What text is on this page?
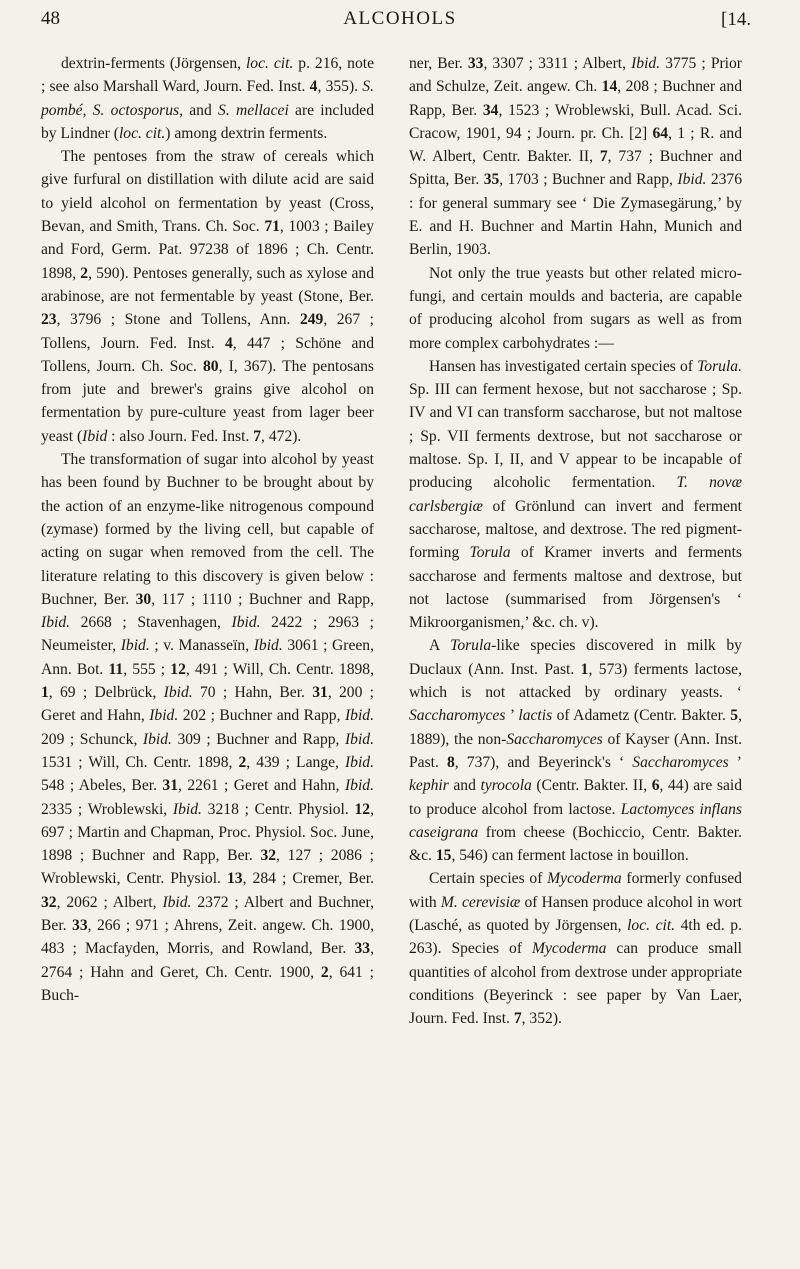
48	ALCOHOLS	[14.

dextrin-ferments (Jörgensen, loc. cit. p. 216, note ; see also Marshall Ward, Journ. Fed. Inst. 4, 355). S. pombé, S. octosporus, and S. mellacei are included by Lindner (loc. cit.) among dextrin ferments.

The pentoses from the straw of cereals which give furfural on distillation with dilute acid are said to yield alcohol on fermentation by yeast (Cross, Bevan, and Smith, Trans. Ch. Soc. 71, 1003 ; Bailey and Ford, Germ. Pat. 97238 of 1896 ; Ch. Centr. 1898, 2, 590). Pentoses generally, such as xylose and arabinose, are not fermentable by yeast (Stone, Ber. 23, 3796 ; Stone and Tollens, Ann. 249, 267 ; Tollens, Journ. Fed. Inst. 4, 447 ; Schöne and Tollens, Journ. Ch. Soc. 80, I, 367). The pentosans from jute and brewer's grains give alcohol on fermentation by pure-culture yeast from lager beer yeast (Ibid : also Journ. Fed. Inst. 7, 472).

The transformation of sugar into alcohol by yeast has been found by Buchner to be brought about by the action of an enzyme-like nitrogenous compound (zymase) formed by the living cell, but capable of acting on sugar when removed from the cell. The literature relating to this discovery is given below : Buchner, Ber. 30, 117 ; 1110 ; Buchner and Rapp, Ibid. 2668 ; Stavenhagen, Ibid. 2422 ; 2963 ; Neumeister, Ibid. ; v. Manasseïn, Ibid. 3061 ; Green, Ann. Bot. 11, 555 ; 12, 491 ; Will, Ch. Centr. 1898, 1, 69 ; Delbrück, Ibid. 70 ; Hahn, Ber. 31, 200 ; Geret and Hahn, Ibid. 202 ; Buchner and Rapp, Ibid. 209 ; Schunck, Ibid. 309 ; Buchner and Rapp, Ibid. 1531 ; Will, Ch. Centr. 1898, 2, 439 ; Lange, Ibid. 548 ; Abeles, Ber. 31, 2261 ; Geret and Hahn, Ibid. 2335 ; Wroblewski, Ibid. 3218 ; Centr. Physiol. 12, 697 ; Martin and Chapman, Proc. Physiol. Soc. June, 1898 ; Buchner and Rapp, Ber. 32, 127 ; 2086 ; Wroblewski, Centr. Physiol. 13, 284 ; Cremer, Ber. 32, 2062 ; Albert, Ibid. 2372 ; Albert and Buchner, Ber. 33, 266 ; 971 ; Ahrens, Zeit. angew. Ch. 1900, 483 ; Macfayden, Morris, and Rowland, Ber. 33, 2764 ; Hahn and Geret, Ch. Centr. 1900, 2, 641 ; Buch-

ner, Ber. 33, 3307 ; 3311 ; Albert, Ibid. 3775 ; Prior and Schulze, Zeit. angew. Ch. 14, 208 ; Buchner and Rapp, Ber. 34, 1523 ; Wroblewski, Bull. Acad. Sci. Cracow, 1901, 94 ; Journ. pr. Ch. [2] 64, 1 ; R. and W. Albert, Centr. Bakter. II, 7, 737 ; Buchner and Spitta, Ber. 35, 1703 ; Buchner and Rapp, Ibid. 2376 : for general summary see ‘ Die Zymasegärung,’ by E. and H. Buchner and Martin Hahn, Munich and Berlin, 1903.

Not only the true yeasts but other related micro-fungi, and certain moulds and bacteria, are capable of producing alcohol from sugars as well as from more complex carbohydrates :—

Hansen has investigated certain species of Torula. Sp. III can ferment hexose, but not saccharose ; Sp. IV and VI can transform saccharose, but not maltose ; Sp. VII ferments dextrose, but not saccharose or maltose. Sp. I, II, and V appear to be incapable of producing alcoholic fermentation. T. novæ carlsbergiæ of Grönlund can invert and ferment saccharose, maltose, and dextrose. The red pigment-forming Torula of Kramer inverts and ferments saccharose and ferments maltose and dextrose, but not lactose (summarised from Jörgensen's ‘ Mikroorganismen,’ &c. ch. v).

A Torula-like species discovered in milk by Duclaux (Ann. Inst. Past. 1, 573) ferments lactose, which is not attacked by ordinary yeasts. ‘ Saccharomyces ’ lactis of Adametz (Centr. Bakter. 5, 1889), the non-Saccharomyces of Kayser (Ann. Inst. Past. 8, 737), and Beyerinck's ‘ Saccharomyces ’ kephir and tyrocola (Centr. Bakter. II, 6, 44) are said to produce alcohol from lactose. Lactomyces inflans caseigrana from cheese (Bochiccio, Centr. Bakter. &c. 15, 546) can ferment lactose in bouillon.

Certain species of Mycoderma formerly confused with M. cerevisiæ of Hansen produce alcohol in wort (Lasché, as quoted by Jörgensen, loc. cit. 4th ed. p. 263). Species of Mycoderma can produce small quantities of alcohol from dextrose under appropriate conditions (Beyerinck : see paper by Van Laer, Journ. Fed. Inst. 7, 352).
